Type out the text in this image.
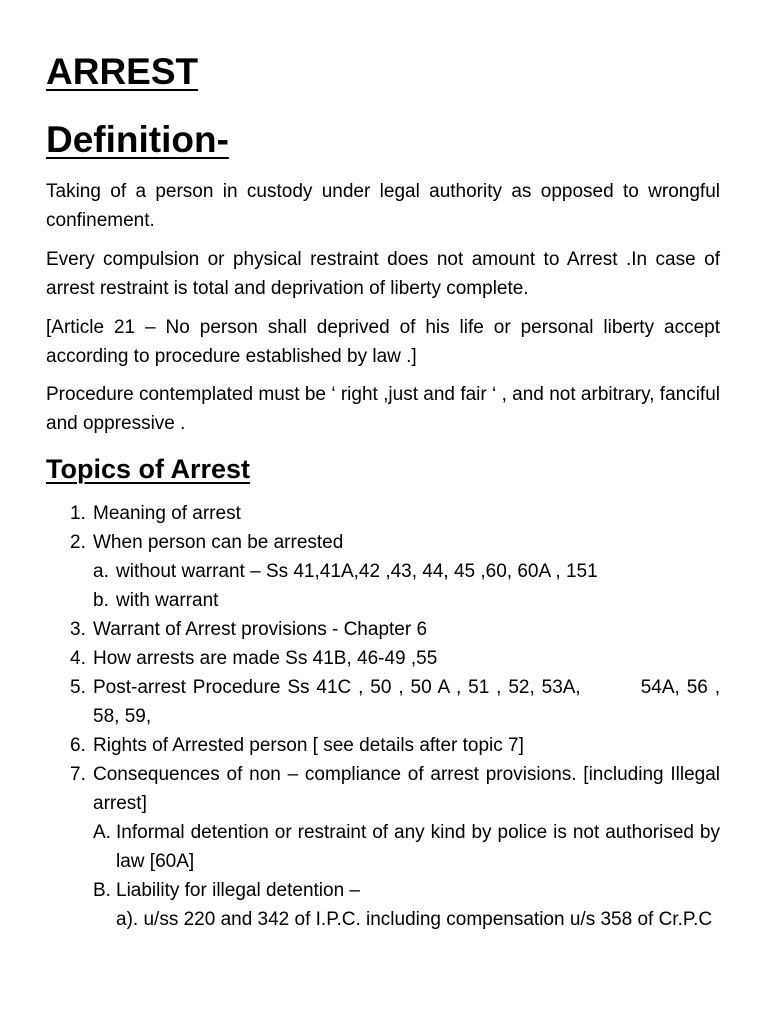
ARREST
Definition-

Taking of a person in custody under legal authority as opposed to wrongful confinement.

Every compulsion or physical restraint does not amount to Arrest .In case of arrest restraint is total and deprivation of liberty complete.

[Article 21 – No person shall deprived of his life or personal liberty accept according to procedure established by law .]

Procedure contemplated must be ‘ right ,just and fair ‘ , and not arbitrary, fanciful and oppressive .

Topics of Arrest
1. Meaning of arrest
2. When person can be arrested
a. without warrant – Ss 41,41A,42 ,43, 44, 45 ,60, 60A , 151
b. with warrant
3. Warrant of Arrest provisions - Chapter 6
4. How arrests are made Ss 41B, 46-49 ,55
5. Post-arrest Procedure Ss 41C , 50 , 50 A , 51 , 52, 53A,	54A, 56 , 58, 59,
6. Rights of Arrested person [ see details after topic 7]
7. Consequences of non – compliance of arrest provisions. [including Illegal arrest]
A. Informal detention or restraint of any kind by police is not authorised by law [60A]
B. Liability for illegal detention –
a). u/ss 220 and 342 of I.P.C. including compensation u/s 358 of Cr.P.C
